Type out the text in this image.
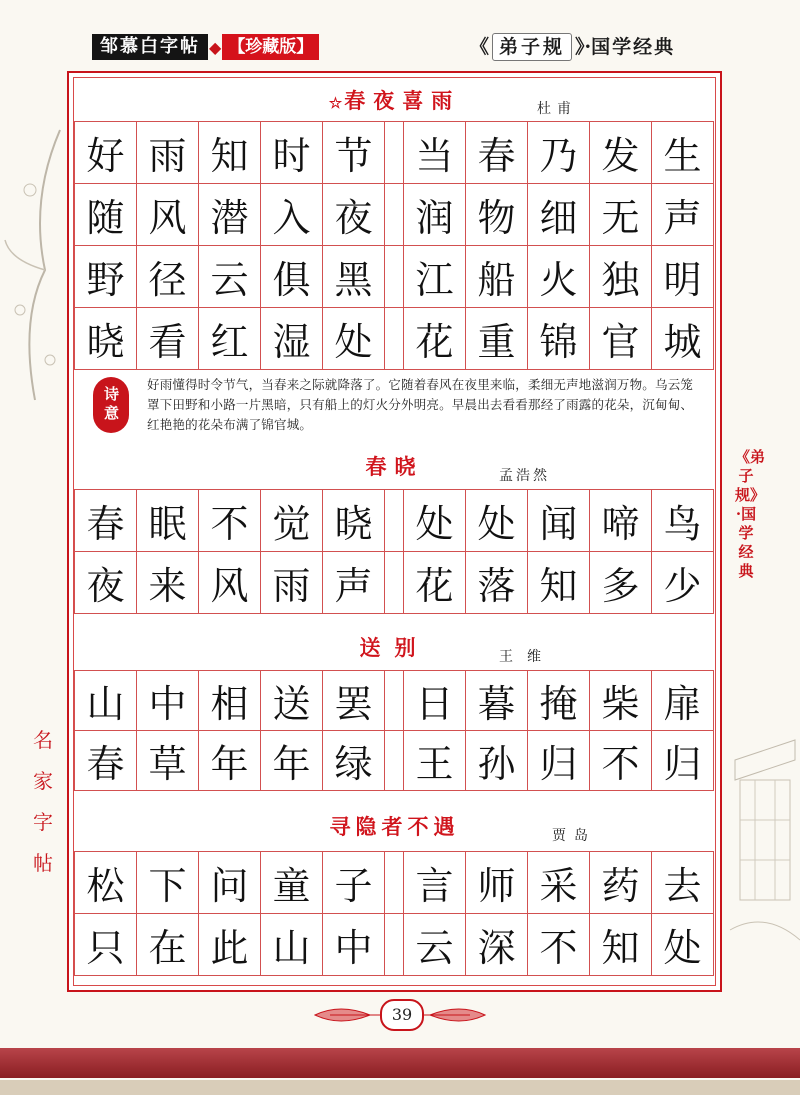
邹慕白字帖 ◆ 【珍藏版】	《 弟子规 》· 国学经典
☆春夜喜雨	杜甫
好	雨	知	时	节		当	春	乃	发	生
随	风	潜	入	夜		润	物	细	无	声
野	径	云	俱	黑		江	船	火	独	明
晓	看	红	湿	处		花	重	锦	官	城
诗意
好雨懂得时令节气，当春来之际就降落了。它随着春风在夜里来临，柔细无声地滋润万物。乌云笼罩下田野和小路一片黑暗，只有船上的灯火分外明亮。早晨出去看看那经了雨露的花朵，沉甸甸、红艳艳的花朵布满了锦官城。
春晓	孟浩然
春	眠	不	觉	晓		处	处	闻	啼	鸟
夜	来	风	雨	声		花	落	知	多	少
送别	王维
山	中	相	送	罢		日	暮	掩	柴	扉
春	草	年	年	绿		王	孙	归	不	归
寻隐者不遇	贾岛
松	下	问	童	子		言	师	采	药	去
只	在	此	山	中		云	深	不	知	处
《弟子规》·国学经典
名家字帖
39
